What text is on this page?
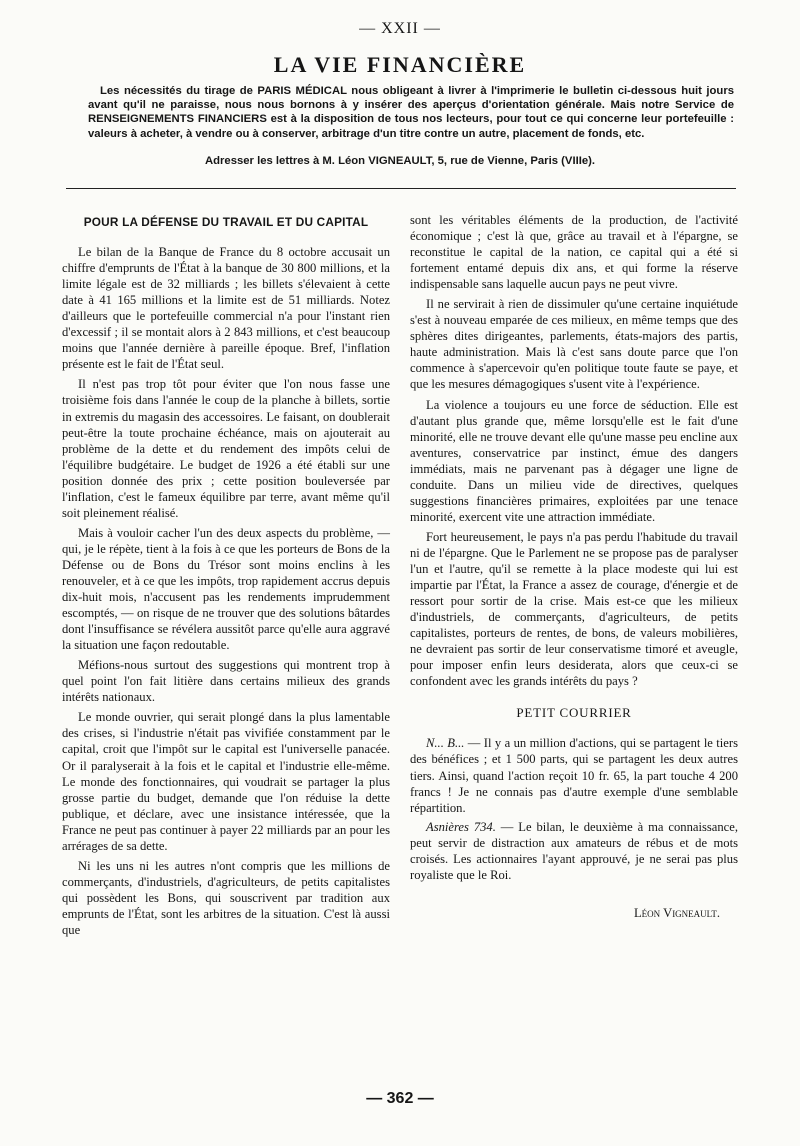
— XXII —
LA VIE FINANCIÈRE

Les nécessités du tirage de PARIS MÉDICAL nous obligeant à livrer à l'imprimerie le bulletin ci-dessous huit jours avant qu'il ne paraisse, nous nous bornons à y insérer des aperçus d'orientation générale. Mais notre Service de RENSEIGNEMENTS FINANCIERS est à la disposition de tous nos lecteurs, pour tout ce qui concerne leur portefeuille : valeurs à acheter, à vendre ou à conserver, arbitrage d'un titre contre un autre, placement de fonds, etc.

Adresser les lettres à M. Léon VIGNEAULT, 5, rue de Vienne, Paris (VIIIe).

POUR LA DÉFENSE DU TRAVAIL ET DU CAPITAL

Le bilan de la Banque de France du 8 octobre accusait un chiffre d'emprunts de l'État à la banque de 30 800 millions, et la limite légale est de 32 milliards ; les billets s'élevaient à cette date à 41 165 millions et la limite est de 51 milliards. Notez d'ailleurs que le portefeuille commercial n'a pour l'instant rien d'excessif ; il se montait alors à 2 843 millions, et c'est beaucoup moins que l'année dernière à pareille époque. Bref, l'inflation présente est le fait de l'État seul.

Il n'est pas trop tôt pour éviter que l'on nous fasse une troisième fois dans l'année le coup de la planche à billets, sortie in extremis du magasin des accessoires. Le faisant, on doublerait peut-être la toute prochaine échéance, mais on ajouterait au problème de la dette et du rendement des impôts celui de l'équilibre budgétaire. Le budget de 1926 a été établi sur une position donnée des prix ; cette position bouleversée par l'inflation, c'est le fameux équilibre par terre, avant même qu'il soit pleinement réalisé.

Mais à vouloir cacher l'un des deux aspects du problème, — qui, je le répète, tient à la fois à ce que les porteurs de Bons de la Défense ou de Bons du Trésor sont moins enclins à les renouveler, et à ce que les impôts, trop rapidement accrus depuis dix-huit mois, n'accusent pas les rendements imprudemment escomptés, — on risque de ne trouver que des solutions bâtardes dont l'insuffisance se révélera aussitôt parce qu'elle aura aggravé la situation une façon redoutable.

Méfions-nous surtout des suggestions qui montrent trop à quel point l'on fait litière dans certains milieux des grands intérêts nationaux.

Le monde ouvrier, qui serait plongé dans la plus lamentable des crises, si l'industrie n'était pas vivifiée constamment par le capital, croit que l'impôt sur le capital est l'universelle panacée. Or il paralyserait à la fois et le capital et l'industrie elle-même. Le monde des fonctionnaires, qui voudrait se partager la plus grosse partie du budget, demande que l'on réduise la dette publique, et déclare, avec une insistance intéressée, que la France ne peut pas continuer à payer 22 milliards par an pour les arrérages de sa dette.

Ni les uns ni les autres n'ont compris que les millions de commerçants, d'industriels, d'agriculteurs, de petits capitalistes qui possèdent les Bons, qui souscrivent par tradition aux emprunts de l'État, sont les arbitres de la situation. C'est là aussi que

sont les véritables éléments de la production, de l'activité économique ; c'est là que, grâce au travail et à l'épargne, se reconstitue le capital de la nation, ce capital qui a été si fortement entamé depuis dix ans, et qui forme la réserve indispensable sans laquelle aucun pays ne peut vivre.

Il ne servirait à rien de dissimuler qu'une certaine inquiétude s'est à nouveau emparée de ces milieux, en même temps que des sphères dites dirigeantes, parlements, états-majors des partis, haute administration. Mais là c'est sans doute parce que l'on commence à s'apercevoir qu'en politique toute faute se paye, et que les mesures démagogiques s'usent vite à l'expérience.

La violence a toujours eu une force de séduction. Elle est d'autant plus grande que, même lorsqu'elle est le fait d'une minorité, elle ne trouve devant elle qu'une masse peu encline aux aventures, conservatrice par instinct, émue des dangers immédiats, mais ne parvenant pas à dégager une ligne de conduite. Dans un milieu vide de directives, quelques suggestions financières primaires, exploitées par une tenace minorité, exercent vite une attraction immédiate.

Fort heureusement, le pays n'a pas perdu l'habitude du travail ni de l'épargne. Que le Parlement ne se propose pas de paralyser l'un et l'autre, qu'il se remette à la place modeste qui lui est impartie par l'État, la France a assez de courage, d'énergie et de ressort pour sortir de la crise. Mais est-ce que les milieux d'industriels, de commerçants, d'agriculteurs, de petits capitalistes, porteurs de rentes, de bons, de valeurs mobilières, ne devraient pas sortir de leur conservatisme timoré et aveugle, pour imposer enfin leurs desiderata, alors que ceux-ci se confondent avec les grands intérêts du pays ?

PETIT COURRIER

N... B... — Il y a un million d'actions, qui se partagent le tiers des bénéfices ; et 1 500 parts, qui se partagent les deux autres tiers. Ainsi, quand l'action reçoit 10 fr. 65, la part touche 4 200 francs ! Je ne connais pas d'autre exemple d'une semblable répartition.

Asnières 734. — Le bilan, le deuxième à ma connaissance, peut servir de distraction aux amateurs de rébus et de mots croisés. Les actionnaires l'ayant approuvé, je ne serai pas plus royaliste que le Roi.

Léon Vigneault.
— 362 —
